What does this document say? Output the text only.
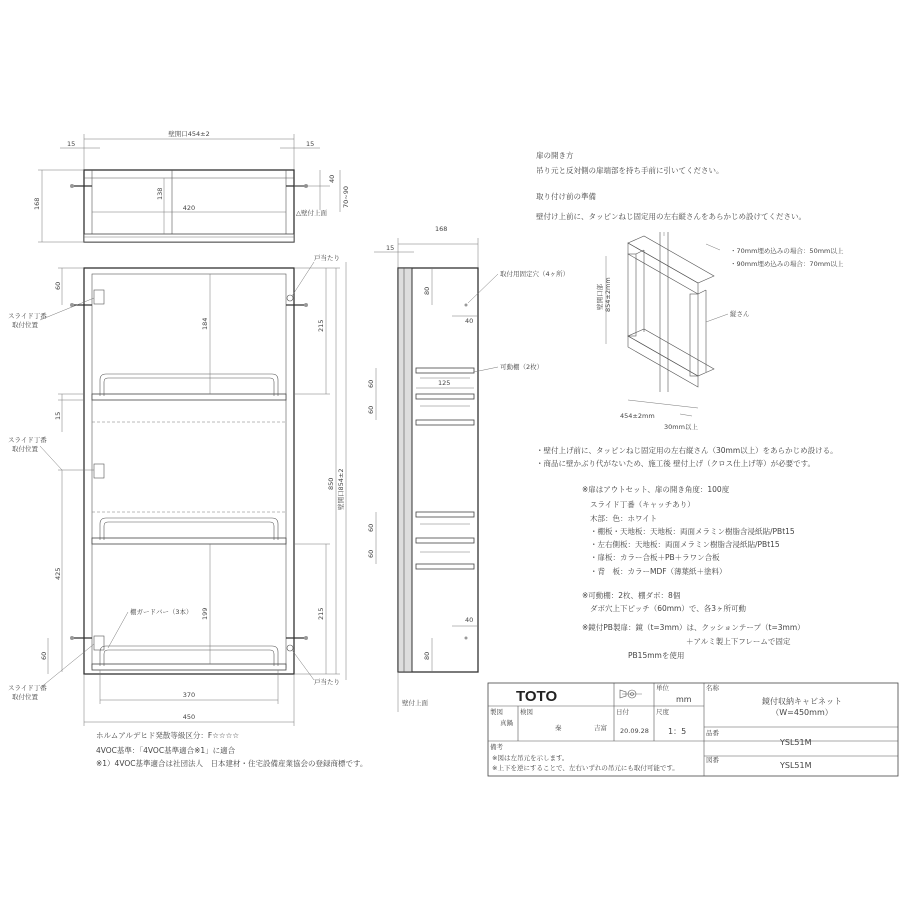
壁開口454±2
15	15
168
138
420
40
70~90
△壁付上面
戸当たり
戸当たり
60
スライド丁番
取付位置
15
スライド丁番
取付位置
425
60
スライド丁番
取付位置
184
199
215
215
850 壁開口854±2
棚ガードバー（3本）
370
450
168
15
80
40
取付用固定穴（4ヶ所）
可動棚（2枚）
60
60
125
60
60
40
80
壁付上面
扉の開き方
吊り元と反対側の扉端部を持ち手前に引いてください。
取り付け前の準備
壁付け上前に、タッピンねじ固定用の左右縦さんをあらかじめ設けてください。
・70mm埋め込みの場合：50mm以上
・90mm埋め込みの場合：70mm以上
縦さん
壁開口部 854±2mm
454±2mm
30mm以上
・壁付上げ前に、タッピンねじ固定用の左右縦さん（30mm以上）をあらかじめ設ける。
・商品に壁かぶり代がないため、施工後 壁付上げ（クロス仕上げ等）が必要です。
※扉はアウトセット、扉の開き角度：100度
スライド丁番（キャッチあり）
木部：色：ホワイト
・棚板・天地板：天地板：両面メラミン樹脂含浸紙貼/PBt15
・左右側板：天地板：両面メラミン樹脂含浸紙貼/PBt15
・扉板：カラー合板＋PB＋ラワン合板
・背　板：カラーMDF（薄葉紙＋塗料）
※可動棚：2枚、棚ダボ：8個
ダボ穴上下ピッチ（60mm）で、各3ヶ所可動
※鏡付PB製扉：鏡（t=3mm）は、クッションテープ（t=3mm）
＋アルミ製上下フレームで固定
PB15mmを使用
ホルムアルデヒド発散等級区分：F☆☆☆☆
4VOC基準：「4VOC基準適合※1」に適合
※1）4VOC基準適合は社団法人　日本建材・住宅設備産業協会の登録商標です。
TOTO	単位
mm
名称
鏡付収納キャビネット
（W=450mm）
製図
真鍋
検図
秦	吉富
日付
20.09.28
尺度
1：5	品番
YSL51M
備考
※図は左吊元を示します。
※上下を逆にすることで、左右いずれの吊元にも取付可能です。
図番
YSL51M
